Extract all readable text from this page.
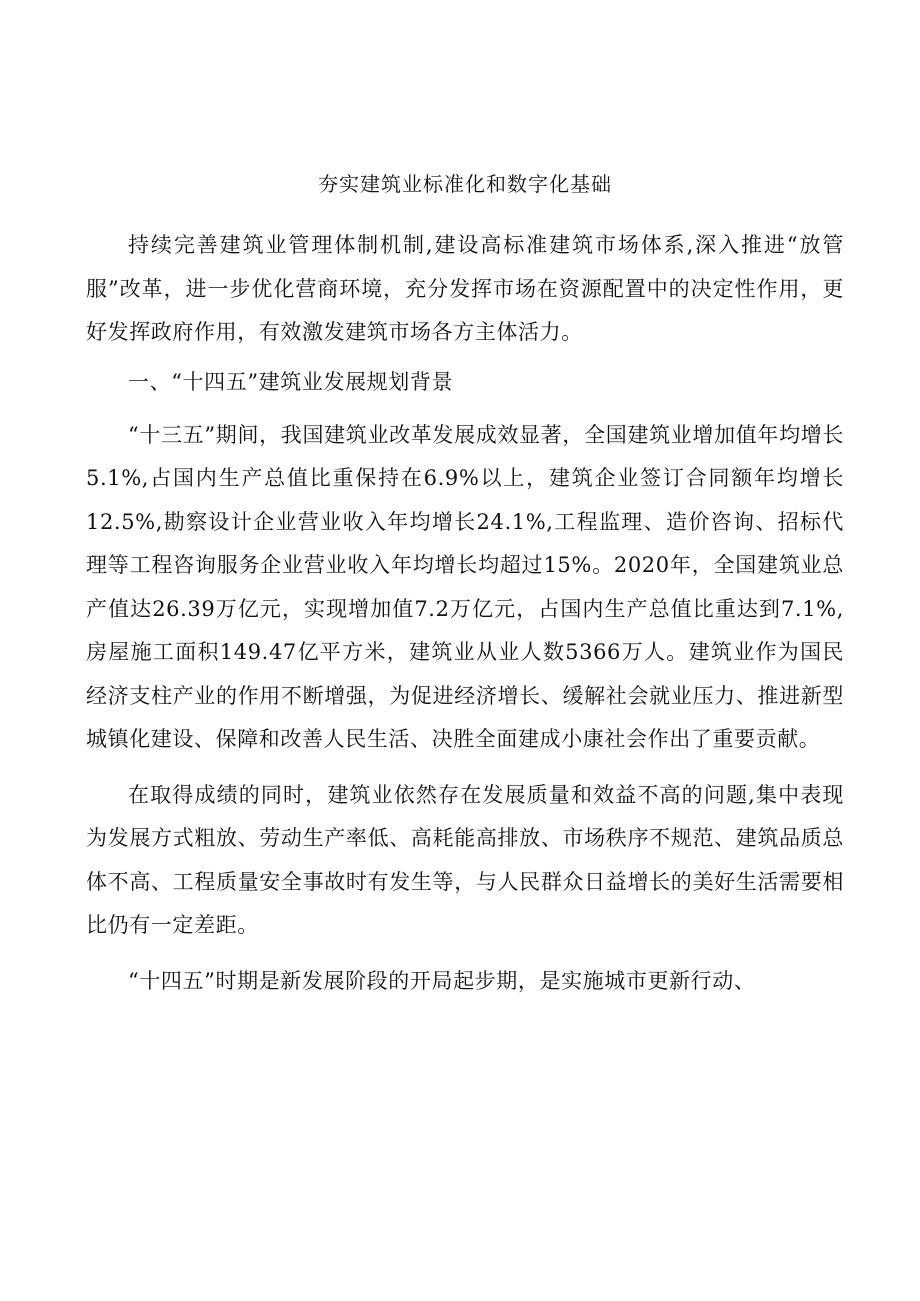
夯实建筑业标准化和数字化基础

持续完善建筑业管理体制机制,建设高标准建筑市场体系,深入推进“放管服”改革，进一步优化营商环境，充分发挥市场在资源配置中的决定性作用，更好发挥政府作用，有效激发建筑市场各方主体活力。

一、“十四五”建筑业发展规划背景

“十三五”期间，我国建筑业改革发展成效显著，全国建筑业增加值年均增长5.1%,占国内生产总值比重保持在6.9%以上，建筑企业签订合同额年均增长12.5%,勘察设计企业营业收入年均增长24.1%,工程监理、造价咨询、招标代理等工程咨询服务企业营业收入年均增长均超过15%。2020年，全国建筑业总产值达26.39万亿元，实现增加值7.2万亿元，占国内生产总值比重达到7.1%,房屋施工面积149.47亿平方米，建筑业从业人数5366万人。建筑业作为国民经济支柱产业的作用不断增强，为促进经济增长、缓解社会就业压力、推进新型城镇化建设、保障和改善人民生活、决胜全面建成小康社会作出了重要贡献。

在取得成绩的同时，建筑业依然存在发展质量和效益不高的问题,集中表现为发展方式粗放、劳动生产率低、高耗能高排放、市场秩序不规范、建筑品质总体不高、工程质量安全事故时有发生等，与人民群众日益增长的美好生活需要相比仍有一定差距。

“十四五”时期是新发展阶段的开局起步期，是实施城市更新行动、
